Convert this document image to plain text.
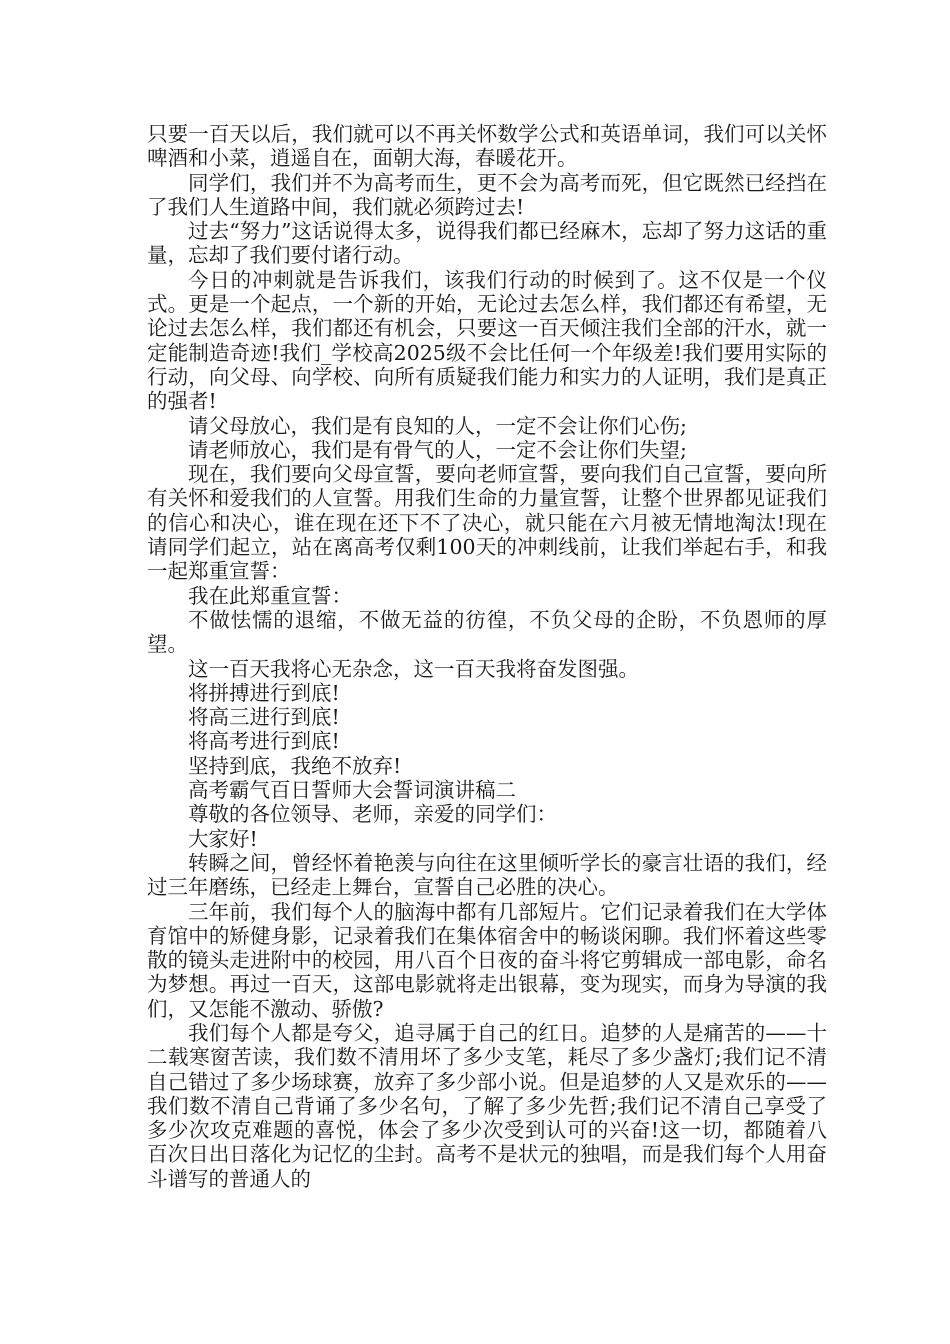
只要一百天以后，我们就可以不再关怀数学公式和英语单词，我们可以关怀啤酒和小菜，逍遥自在，面朝大海，春暖花开。

同学们，我们并不为高考而生，更不会为高考而死，但它既然已经挡在了我们人生道路中间，我们就必须跨过去!

过去“努力”这话说得太多，说得我们都已经麻木，忘却了努力这话的重量，忘却了我们要付诸行动。

今日的冲刺就是告诉我们，该我们行动的时候到了。这不仅是一个仪式。更是一个起点，一个新的开始，无论过去怎么样，我们都还有希望，无论过去怎么样，我们都还有机会，只要这一百天倾注我们全部的汗水，就一定能制造奇迹!我们_学校高2025级不会比任何一个年级差!我们要用实际的行动，向父母、向学校、向所有质疑我们能力和实力的人证明，我们是真正的强者!

请父母放心，我们是有良知的人，一定不会让你们心伤;

请老师放心，我们是有骨气的人，一定不会让你们失望;

现在，我们要向父母宣誓，要向老师宣誓，要向我们自己宣誓，要向所有关怀和爱我们的人宣誓。用我们生命的力量宣誓，让整个世界都见证我们的信心和决心，谁在现在还下不了决心，就只能在六月被无情地淘汰!现在请同学们起立，站在离高考仅剩100天的冲刺线前，让我们举起右手，和我一起郑重宣誓：

我在此郑重宣誓：

不做怯懦的退缩，不做无益的彷徨，不负父母的企盼，不负恩师的厚望。

这一百天我将心无杂念，这一百天我将奋发图强。

将拼搏进行到底!

将高三进行到底!

将高考进行到底!

坚持到底，我绝不放弃!

高考霸气百日誓师大会誓词演讲稿二

尊敬的各位领导、老师，亲爱的同学们：

大家好!

转瞬之间，曾经怀着艳羡与向往在这里倾听学长的豪言壮语的我们，经过三年磨练，已经走上舞台，宣誓自己必胜的决心。

三年前，我们每个人的脑海中都有几部短片。它们记录着我们在大学体育馆中的矫健身影，记录着我们在集体宿舍中的畅谈闲聊。我们怀着这些零散的镜头走进附中的校园，用八百个日夜的奋斗将它剪辑成一部电影，命名为梦想。再过一百天，这部电影就将走出银幕，变为现实，而身为导演的我们，又怎能不激动、骄傲?

我们每个人都是夸父，追寻属于自己的红日。追梦的人是痛苦的——十二载寒窗苦读，我们数不清用坏了多少支笔，耗尽了多少盏灯;我们记不清自己错过了多少场球赛，放弃了多少部小说。但是追梦的人又是欢乐的——我们数不清自己背诵了多少名句，了解了多少先哲;我们记不清自己享受了多少次攻克难题的喜悦，体会了多少次受到认可的兴奋!这一切，都随着八百次日出日落化为记忆的尘封。高考不是状元的独唱，而是我们每个人用奋斗谱写的普通人的
